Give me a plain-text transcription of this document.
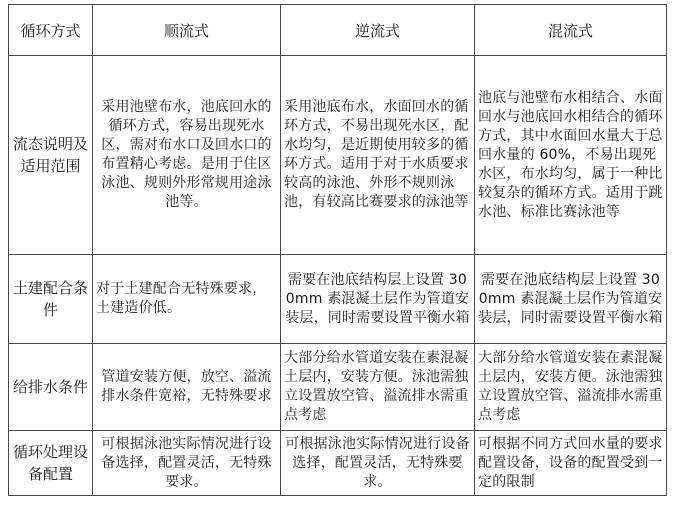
循环方式	顺流式	逆流式	混流式
流态说明及适用范围	采用池壁布水，池底回水的循环方式，容易出现死水区，需对布水口及回水口的布置精心考虑。是用于住区泳池、规则外形常规用途泳池等。	采用池底布水，水面回水的循环方式，不易出现死水区，配水均匀，是近期使用较多的循环方式。适用于对于水质要求较高的泳池、外形不规则泳池，有较高比赛要求的泳池等	池底与池壁布水相结合、水面回水与池底回水相结合的循环方式，其中水面回水量大于总回水量的 60%，不易出现死水区，布水均匀，属于一种比较复杂的循环方式。适用于跳水池、标准比赛泳池等
土建配合条件	对于土建配合无特殊要求，土建造价低。	需要在池底结构层上设置 300mm 素混凝土层作为管道安装层，同时需要设置平衡水箱	需要在池底结构层上设置 300mm 素混凝土层作为管道安装层，同时需要设置平衡水箱
给排水条件	管道安装方便，放空、溢流排水条件宽裕，无特殊要求	大部分给水管道安装在素混凝土层内，安装方便。泳池需独立设置放空管、溢流排水需重点考虑	大部分给水管道安装在素混凝土层内，安装方便。泳池需独立设置放空管、溢流排水需重点考虑
循环处理设备配置	可根据泳池实际情况进行设备选择，配置灵活，无特殊要求。	可根据泳池实际情况进行设备选择，配置灵活，无特殊要求。	可根据不同方式回水量的要求配置设备，设备的配置受到一定的限制
